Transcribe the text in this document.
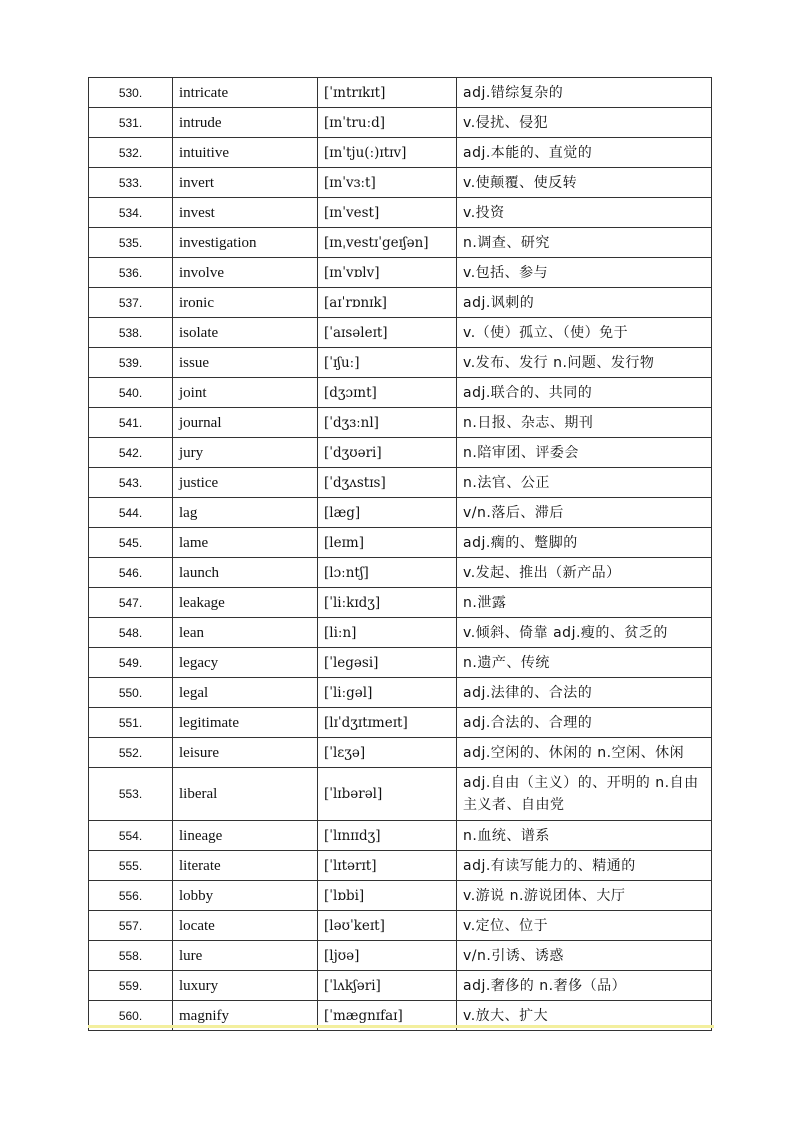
530.	intricate	[ˈɪntrɪkɪt]	adj.错综复杂的
531.	intrude	[ɪnˈtruːd]	v.侵扰、侵犯
532.	intuitive	[ɪnˈtju(ː)ɪtɪv]	adj.本能的、直觉的
533.	invert	[ɪnˈvɜːt]	v.使颠覆、使反转
534.	invest	[ɪnˈvest]	v.投资
535.	investigation	[ɪnˌvestɪˈgeɪʃən]	n.调查、研究
536.	involve	[ɪnˈvɒlv]	v.包括、参与
537.	ironic	[aɪˈrɒnɪk]	adj.讽刺的
538.	isolate	[ˈaɪsəleɪt]	v.（使）孤立、（使）免于
539.	issue	[ˈɪʃuː]	v.发布、发行 n.问题、发行物
540.	joint	[dʒɔɪnt]	adj.联合的、共同的
541.	journal	[ˈdʒɜːnl]	n.日报、杂志、期刊
542.	jury	[ˈdʒʊəri]	n.陪审团、评委会
543.	justice	[ˈdʒʌstɪs]	n.法官、公正
544.	lag	[læg]	v/n.落后、滞后
545.	lame	[leɪm]	adj.瘸的、蹩脚的
546.	launch	[lɔːntʃ]	v.发起、推出（新产品）
547.	leakage	[ˈliːkɪdʒ]	n.泄露
548.	lean	[liːn]	v.倾斜、倚靠 adj.瘦的、贫乏的
549.	legacy	[ˈlegəsi]	n.遗产、传统
550.	legal	[ˈliːgəl]	adj.法律的、合法的
551.	legitimate	[lɪˈdʒɪtɪmeɪt]	adj.合法的、合理的
552.	leisure	[ˈlɛʒə]	adj.空闲的、休闲的 n.空闲、休闲
553.	liberal	[ˈlɪbərəl]	adj.自由（主义）的、开明的 n.自由主义者、自由党
554.	lineage	[ˈlɪnɪɪdʒ]	n.血统、谱系
555.	literate	[ˈlɪtərɪt]	adj.有读写能力的、精通的
556.	lobby	[ˈlɒbi]	v.游说 n.游说团体、大厅
557.	locate	[ləʊˈkeɪt]	v.定位、位于
558.	lure	[ljʊə]	v/n.引诱、诱惑
559.	luxury	[ˈlʌkʃəri]	adj.奢侈的 n.奢侈（品）
560.	magnify	[ˈmægnɪfaɪ]	v.放大、扩大
